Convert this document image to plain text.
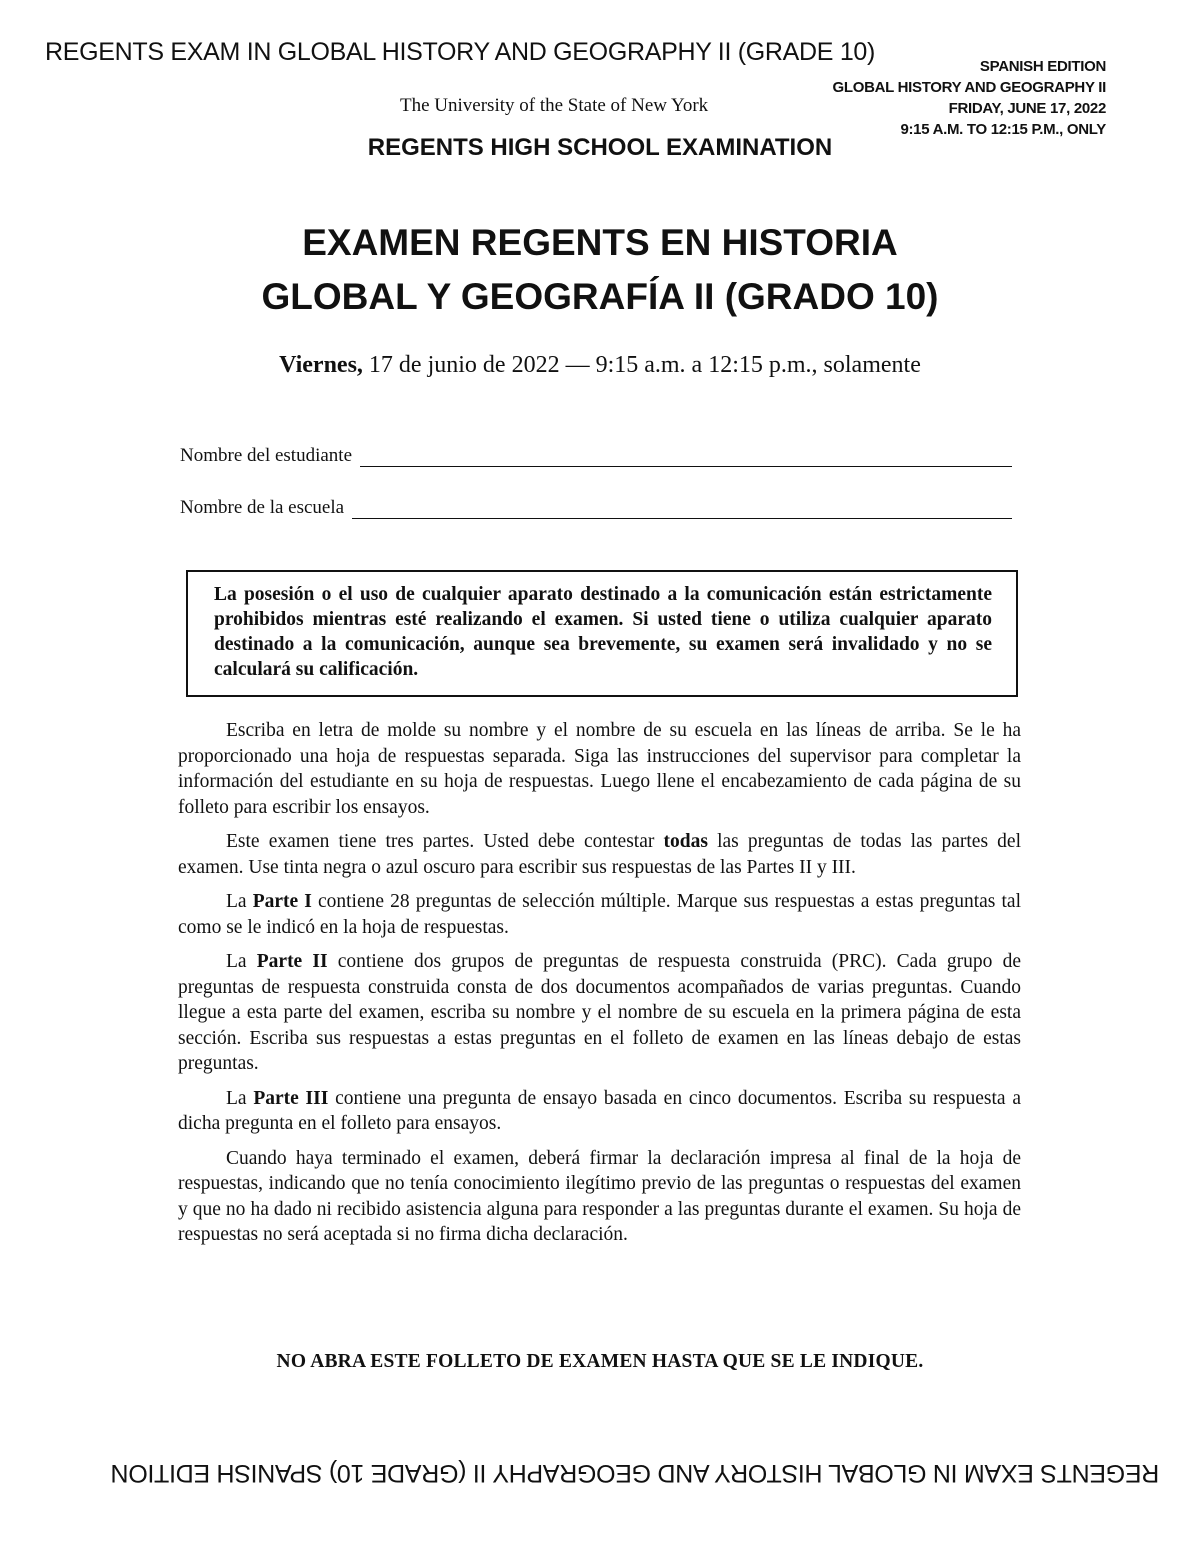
REGENTS EXAM IN GLOBAL HISTORY AND GEOGRAPHY II (GRADE 10)
SPANISH EDITION
GLOBAL HISTORY AND GEOGRAPHY II
FRIDAY, JUNE 17, 2022
9:15 A.M. TO 12:15 P.M., ONLY
The University of the State of New York
REGENTS HIGH SCHOOL EXAMINATION
EXAMEN REGENTS EN HISTORIA
GLOBAL Y GEOGRAFÍA II (GRADO 10)
Viernes, 17 de junio de 2022 — 9:15 a.m. a 12:15 p.m., solamente
Nombre del estudiante
Nombre de la escuela
La posesión o el uso de cualquier aparato destinado a la comunicación están estrictamente prohibidos mientras esté realizando el examen. Si usted tiene o utiliza cualquier aparato destinado a la comunicación, aunque sea brevemente, su examen será invalidado y no se calculará su calificación.

Escriba en letra de molde su nombre y el nombre de su escuela en las líneas de arriba. Se le ha proporcionado una hoja de respuestas separada. Siga las instrucciones del supervisor para completar la información del estudiante en su hoja de respuestas. Luego llene el encabezamiento de cada página de su folleto para escribir los ensayos.

Este examen tiene tres partes. Usted debe contestar todas las preguntas de todas las partes del examen. Use tinta negra o azul oscuro para escribir sus respuestas de las Partes II y III.

La Parte I contiene 28 preguntas de selección múltiple. Marque sus respuestas a estas preguntas tal como se le indicó en la hoja de respuestas.

La Parte II contiene dos grupos de preguntas de respuesta construida (PRC). Cada grupo de preguntas de respuesta construida consta de dos documentos acompañados de varias preguntas. Cuando llegue a esta parte del examen, escriba su nombre y el nombre de su escuela en la primera página de esta sección. Escriba sus respuestas a estas preguntas en el folleto de examen en las líneas debajo de estas preguntas.

La Parte III contiene una pregunta de ensayo basada en cinco documentos. Escriba su respuesta a dicha pregunta en el folleto para ensayos.

Cuando haya terminado el examen, deberá firmar la declaración impresa al final de la hoja de respuestas, indicando que no tenía conocimiento ilegítimo previo de las preguntas o respuestas del examen y que no ha dado ni recibido asistencia alguna para responder a las preguntas durante el examen. Su hoja de respuestas no será aceptada si no firma dicha declaración.

NO ABRA ESTE FOLLETO DE EXAMEN HASTA QUE SE LE INDIQUE.
REGENTS EXAM IN GLOBAL HISTORY AND GEOGRAPHY II (GRADE 10) SPANISH EDITION
